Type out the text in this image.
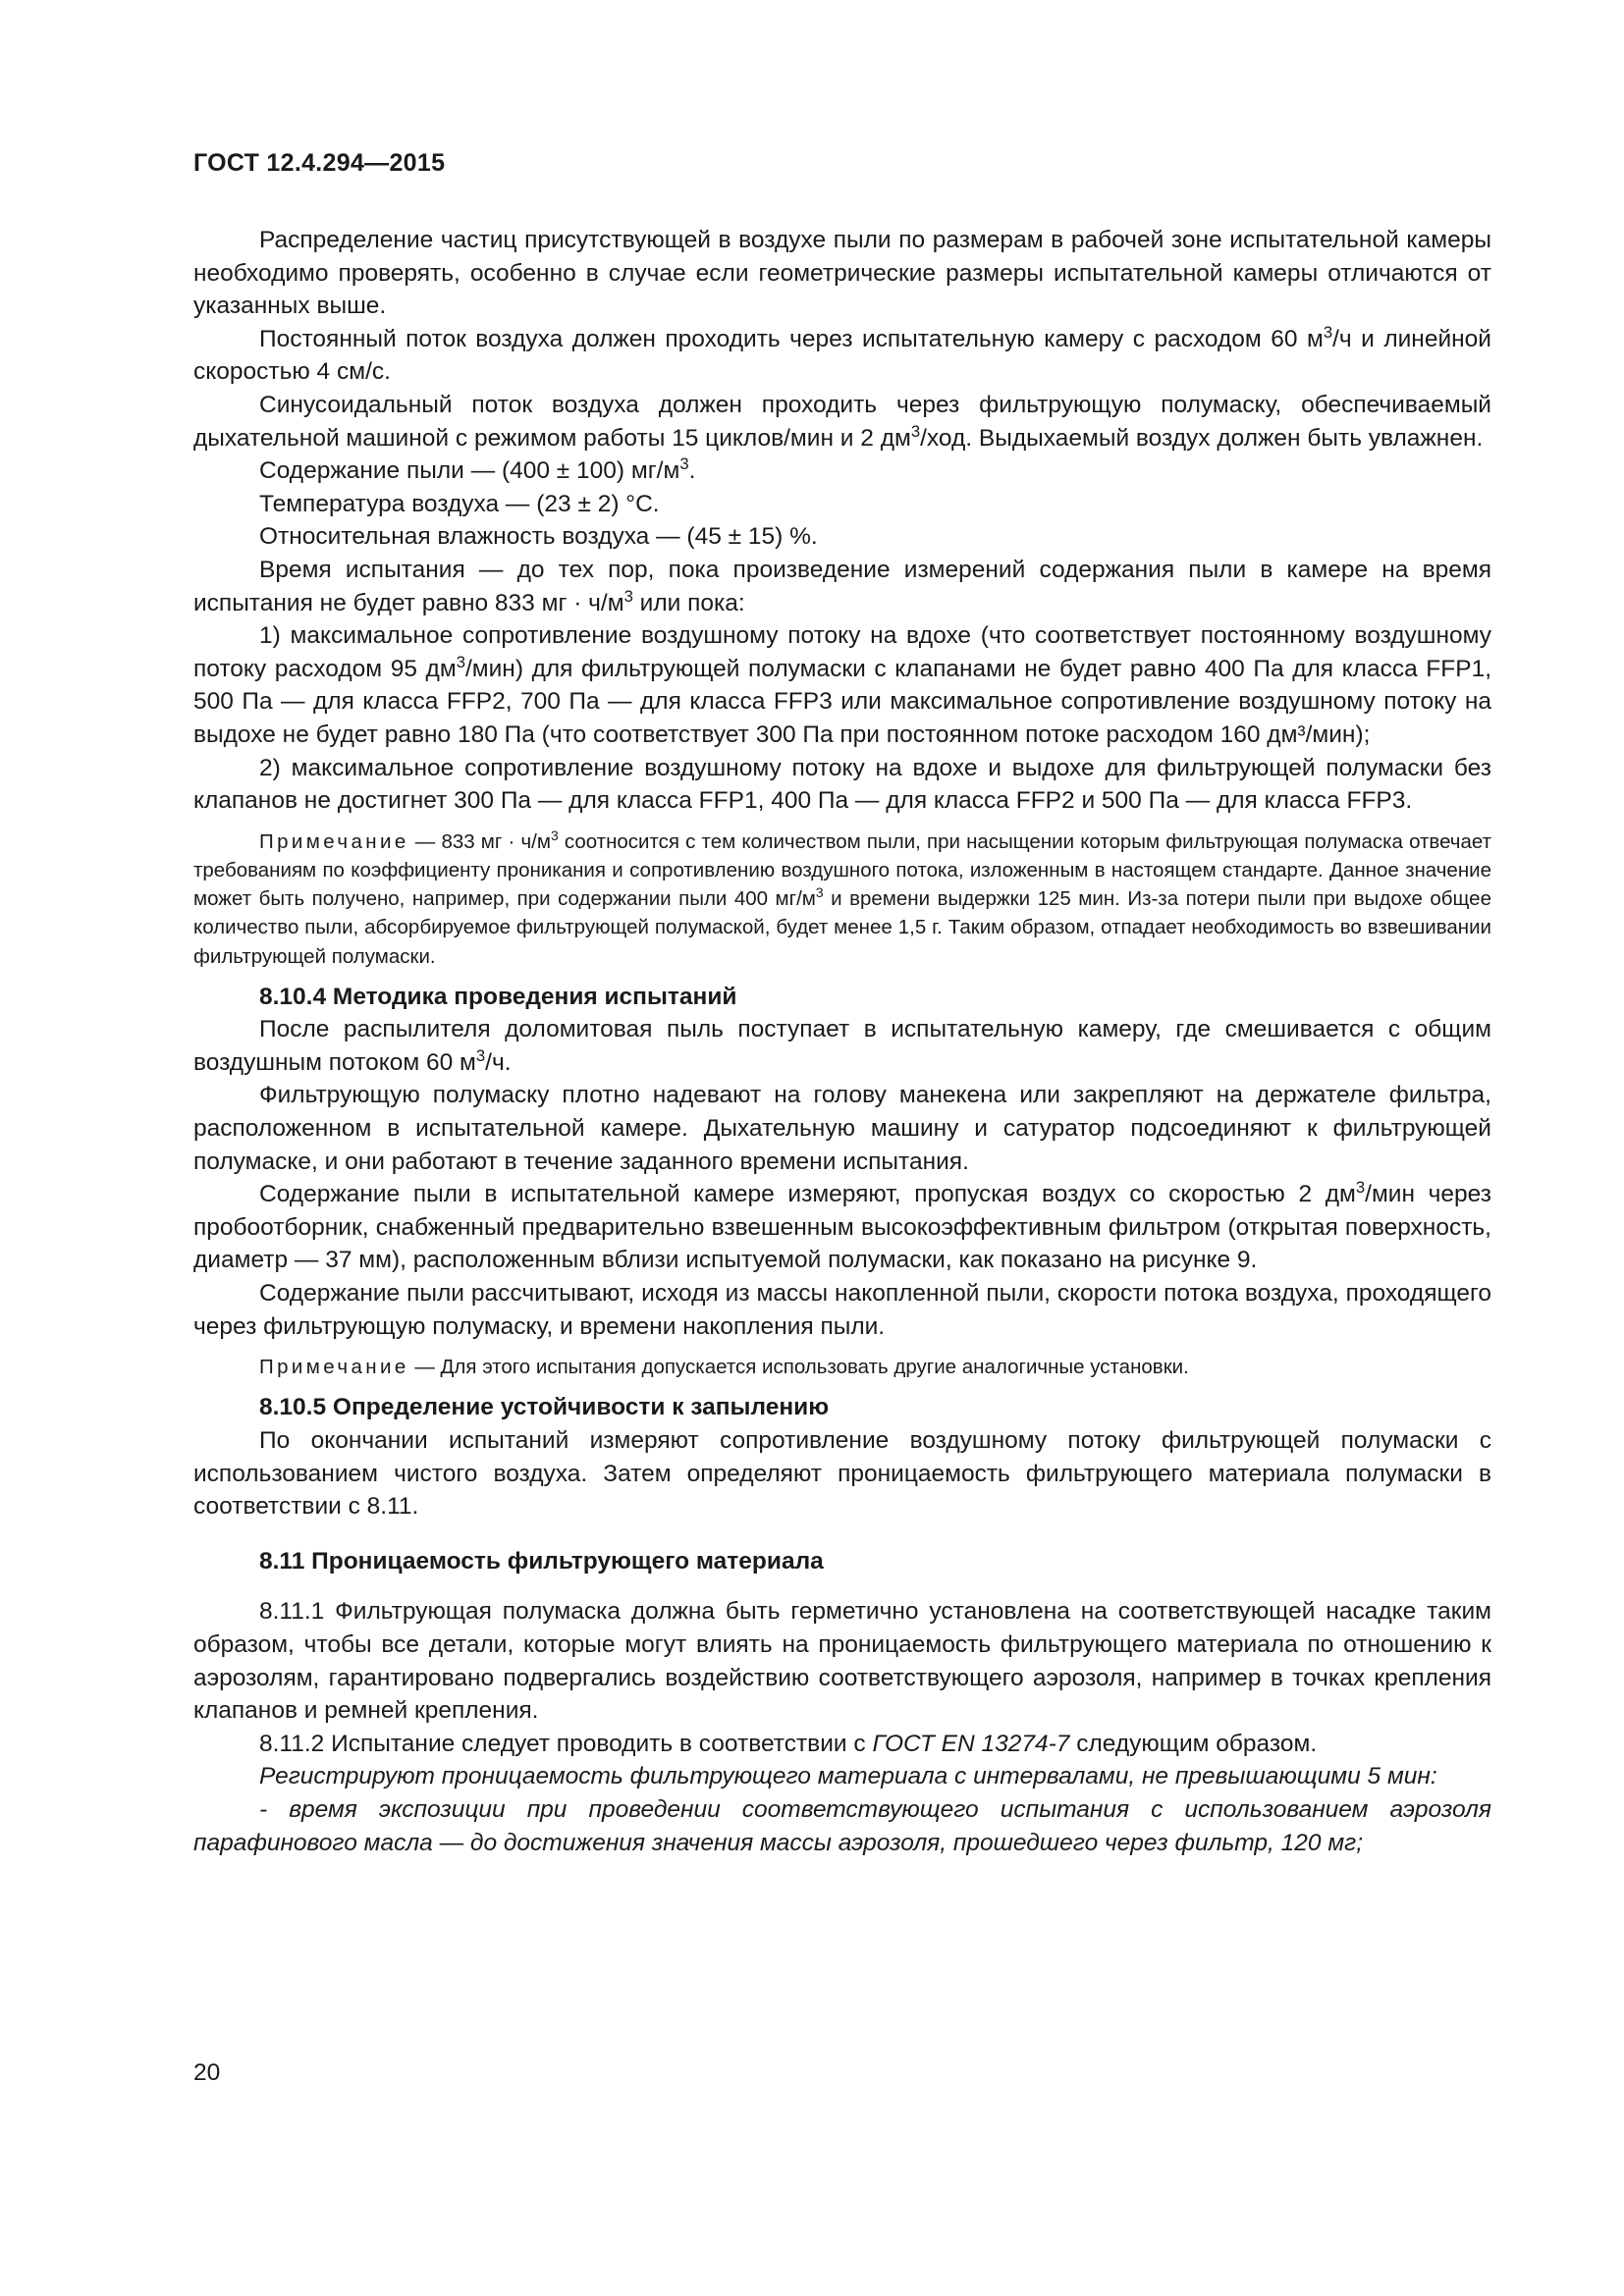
ГОСТ 12.4.294—2015

Распределение частиц присутствующей в воздухе пыли по размерам в рабочей зоне испытательной камеры необходимо проверять, особенно в случае если геометрические размеры испытательной камеры отличаются от указанных выше.

Постоянный поток воздуха должен проходить через испытательную камеру с расходом 60 $м^3/ч$ и линейной скоростью 4 см/с.

Синусоидальный поток воздуха должен проходить через фильтрующую полумаску, обеспечиваемый дыхательной машиной с режимом работы 15 циклов/мин и 2 $дм^3$/ход. Выдыхаемый воздух должен быть увлажнен.

Содержание пыли — (400 ± 100) $мг/м^3$.

Температура воздуха — (23 ± 2) °С.

Относительная влажность воздуха — (45 ± 15) %.

Время испытания — до тех пор, пока произведение измерений содержания пыли в камере на время испытания не будет равно 833 мг · $ч/м^3$ или пока:

1) максимальное сопротивление воздушному потоку на вдохе (что соответствует постоянному воздушному потоку расходом 95 $дм^3/мин$) для фильтрующей полумаски с клапанами не будет равно 400 Па для класса FFP1, 500 Па — для класса FFP2, 700 Па — для класса FFP3 или максимальное сопротивление воздушному потоку на выдохе не будет равно 180 Па (что соответствует 300 Па при постоянном потоке расходом 160 дм³/мин);

2) максимальное сопротивление воздушному потоку на вдохе и выдохе для фильтрующей полумаски без клапанов не достигнет 300 Па — для класса FFP1, 400 Па — для класса FFP2 и 500 Па — для класса FFP3.

Примечание — 833 мг · $ч/м^3$ соотносится с тем количеством пыли, при насыщении которым фильтрующая полумаска отвечает требованиям по коэффициенту проникания и сопротивлению воздушного потока, изложенным в настоящем стандарте. Данное значение может быть получено, например, при содержании пыли 400 $мг/м^3$ и времени выдержки 125 мин. Из-за потери пыли при выдохе общее количество пыли, абсорбируемое фильтрующей полумаской, будет менее 1,5 г. Таким образом, отпадает необходимость во взвешивании фильтрующей полумаски.

8.10.4 Методика проведения испытаний

После распылителя доломитовая пыль поступает в испытательную камеру, где смешивается с общим воздушным потоком 60 $м^3/ч$.

Фильтрующую полумаску плотно надевают на голову манекена или закрепляют на держателе фильтра, расположенном в испытательной камере. Дыхательную машину и сатуратор подсоединяют к фильтрующей полумаске, и они работают в течение заданного времени испытания.

Содержание пыли в испытательной камере измеряют, пропуская воздух со скоростью 2 $дм^3$/мин через пробоотборник, снабженный предварительно взвешенным высокоэффективным фильтром (открытая поверхность, диаметр — 37 мм), расположенным вблизи испытуемой полумаски, как показано на рисунке 9.

Содержание пыли рассчитывают, исходя из массы накопленной пыли, скорости потока воздуха, проходящего через фильтрующую полумаску, и времени накопления пыли.

Примечание — Для этого испытания допускается использовать другие аналогичные установки.

8.10.5 Определение устойчивости к запылению

По окончании испытаний измеряют сопротивление воздушному потоку фильтрующей полумаски с использованием чистого воздуха. Затем определяют проницаемость фильтрующего материала полумаски в соответствии с 8.11.

8.11 Проницаемость фильтрующего материала

8.11.1 Фильтрующая полумаска должна быть герметично установлена на соответствующей насадке таким образом, чтобы все детали, которые могут влиять на проницаемость фильтрующего материала по отношению к аэрозолям, гарантировано подвергались воздействию соответствующего аэрозоля, например в точках крепления клапанов и ремней крепления.

8.11.2 Испытание следует проводить в соответствии с ГОСТ EN 13274-7 следующим образом.

Регистрируют проницаемость фильтрующего материала с интервалами, не превышающими 5 мин:

- время экспозиции при проведении соответствующего испытания с использованием аэрозоля парафинового масла — до достижения значения массы аэрозоля, прошедшего через фильтр, 120 мг;

20
